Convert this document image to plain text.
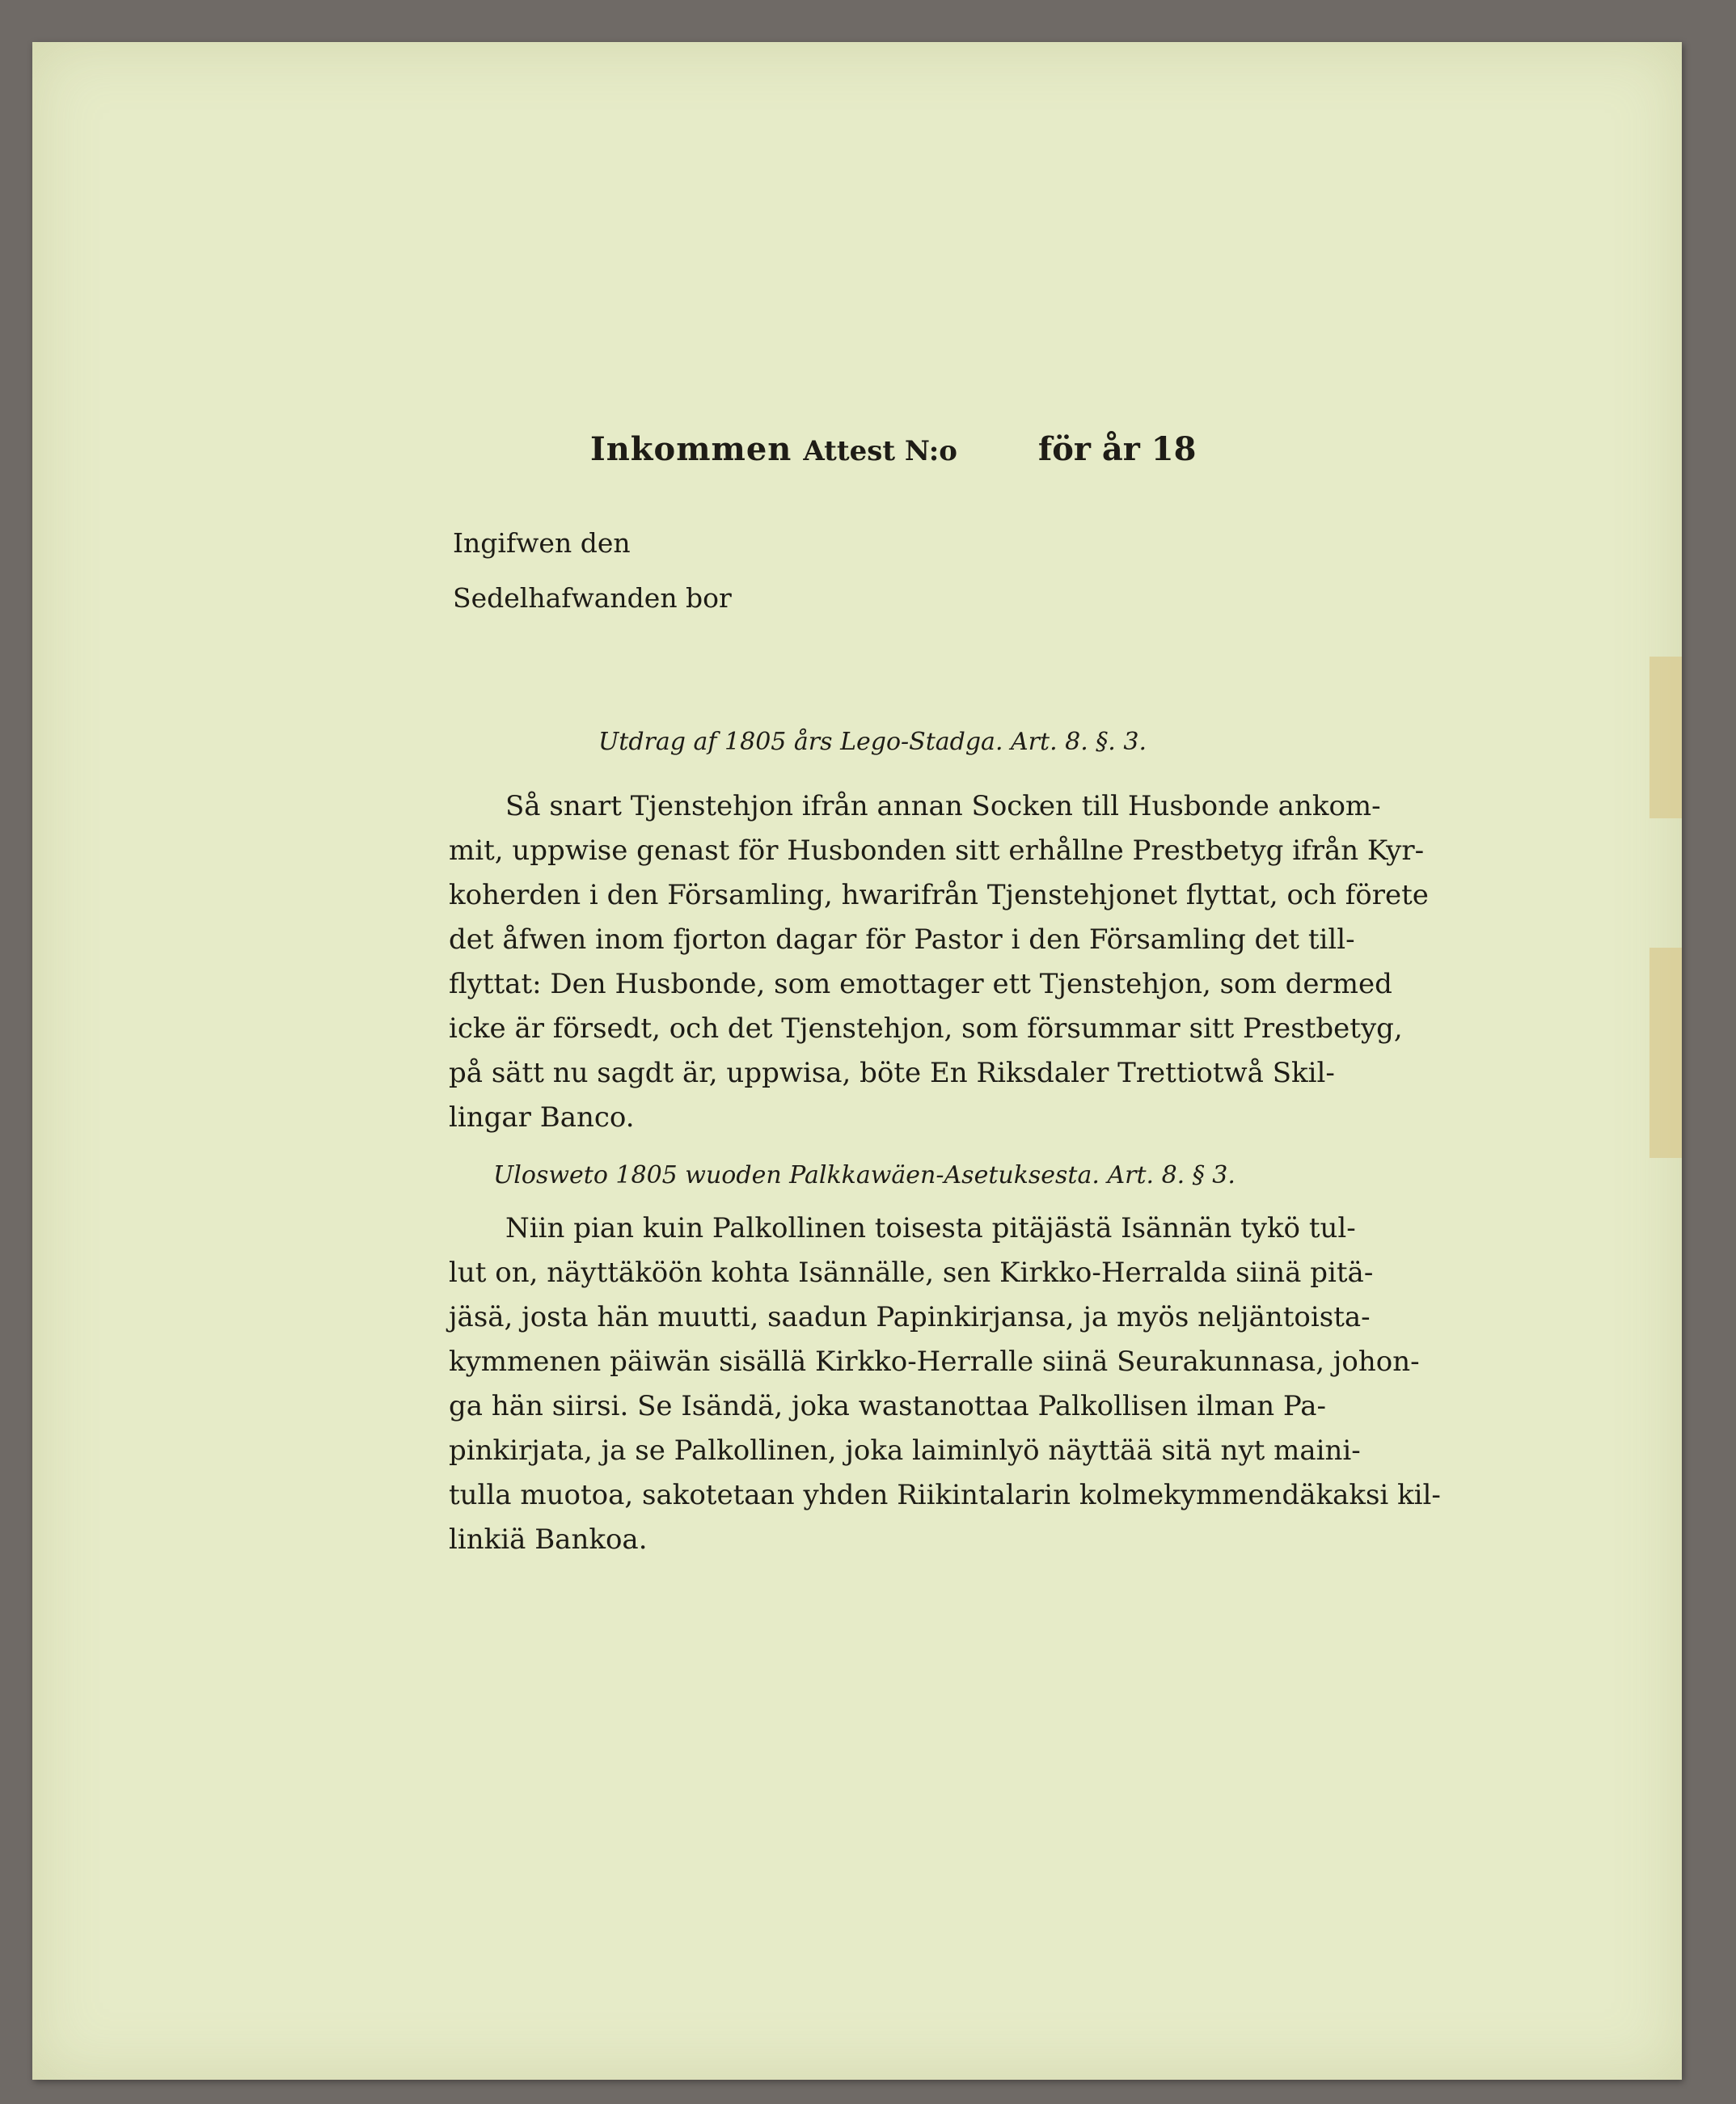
Inkommen Attest N:o	för år 18
Ingifwen den
Sedelhafwanden bor
Utdrag af 1805 års Lego-Stadga. Art. 8. §. 3.
Så snart Tjenstehjon ifrån annan Socken till Husbonde ankom-
mit, uppwise genast för Husbonden sitt erhållne Prestbetyg ifrån Kyr-
koherden i den Församling, hwarifrån Tjenstehjonet flyttat, och förete
det åfwen inom fjorton dagar för Pastor i den Församling det till-
flyttat: Den Husbonde, som emottager ett Tjenstehjon, som dermed
icke är försedt, och det Tjenstehjon, som försummar sitt Prestbetyg,
på sätt nu sagdt är, uppwisa, böte En Riksdaler Trettiotwå Skil-
lingar Banco.
Ulosweto 1805 wuoden Palkkawäen-Asetuksesta. Art. 8. § 3.
Niin pian kuin Palkollinen toisesta pitäjästä Isännän tykö tul-
lut on, näyttäköön kohta Isännälle, sen Kirkko-Herralda siinä pitä-
jäsä, josta hän muutti, saadun Papinkirjansa, ja myös neljäntoista-
kymmenen päiwän sisällä Kirkko-Herralle siinä Seurakunnasa, johon-
ga hän siirsi. Se Isändä, joka wastanottaa Palkollisen ilman Pa-
pinkirjata, ja se Palkollinen, joka laiminlyö näyttää sitä nyt maini-
tulla muotoa, sakotetaan yhden Riikintalarin kolmekymmendäkaksi kil-
linkiä Bankoa.
